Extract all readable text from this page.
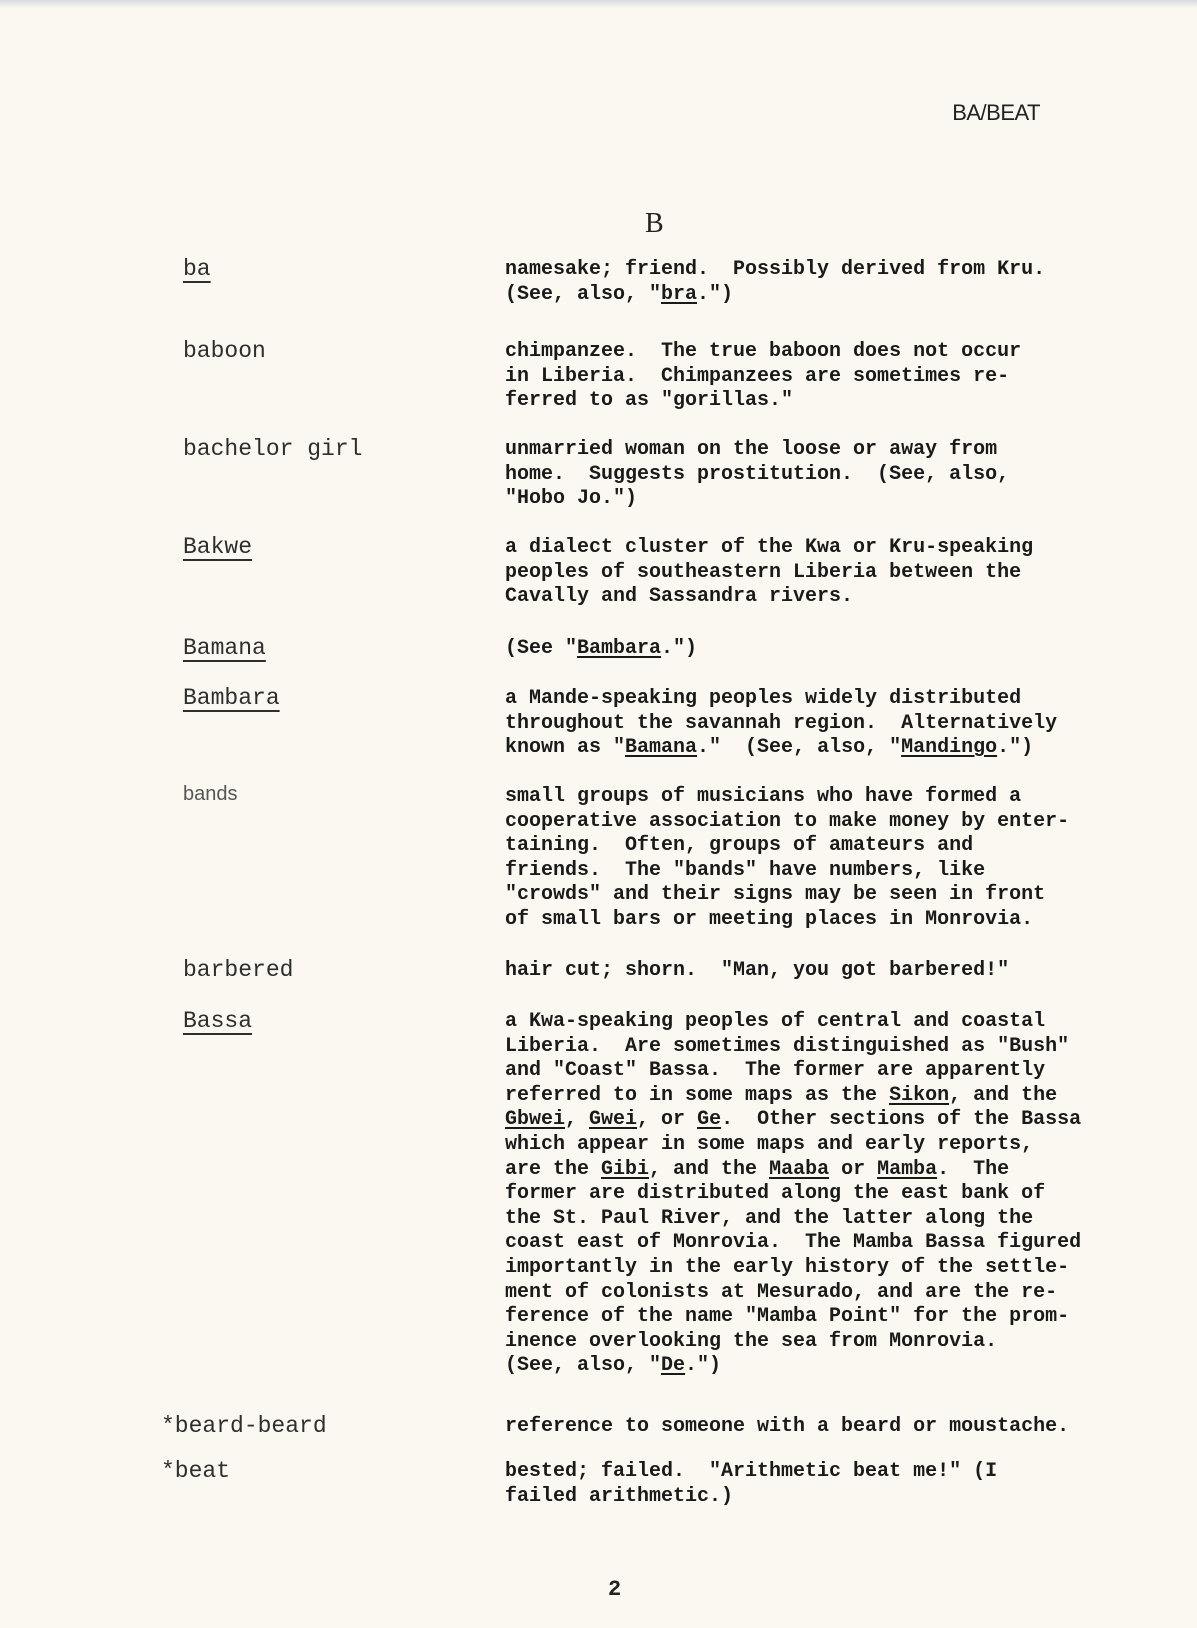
BA/BEAT
B
ba	namesake; friend.  Possibly derived from Kru.
(See, also, "bra.")
baboon	chimpanzee.  The true baboon does not occur
in Liberia.  Chimpanzees are sometimes re-
ferred to as "gorillas."
bachelor girl	unmarried woman on the loose or away from
home.  Suggests prostitution.  (See, also,
"Hobo Jo.")
Bakwe	a dialect cluster of the Kwa or Kru-speaking
peoples of southeastern Liberia between the
Cavally and Sassandra rivers.
Bamana	(See "Bambara.")
Bambara	a Mande-speaking peoples widely distributed
throughout the savannah region.  Alternatively
known as "Bamana."  (See, also, "Mandingo.")
bands	small groups of musicians who have formed a
cooperative association to make money by enter-
taining.  Often, groups of amateurs and
friends.  The "bands" have numbers, like
"crowds" and their signs may be seen in front
of small bars or meeting places in Monrovia.
barbered	hair cut; shorn.  "Man, you got barbered!"
Bassa	a Kwa-speaking peoples of central and coastal
Liberia.  Are sometimes distinguished as "Bush"
and "Coast" Bassa.  The former are apparently
referred to in some maps as the Sikon, and the
Gbwei, Gwei, or Ge.  Other sections of the Bassa
which appear in some maps and early reports,
are the Gibi, and the Maaba or Mamba.  The
former are distributed along the east bank of
the St. Paul River, and the latter along the
coast east of Monrovia.  The Mamba Bassa figured
importantly in the early history of the settle-
ment of colonists at Mesurado, and are the re-
ference of the name "Mamba Point" for the prom-
inence overlooking the sea from Monrovia.
(See, also, "De.")
*beard-beard	reference to someone with a beard or moustache.
*beat	bested; failed.  "Arithmetic beat me!" (I
failed arithmetic.)
2
